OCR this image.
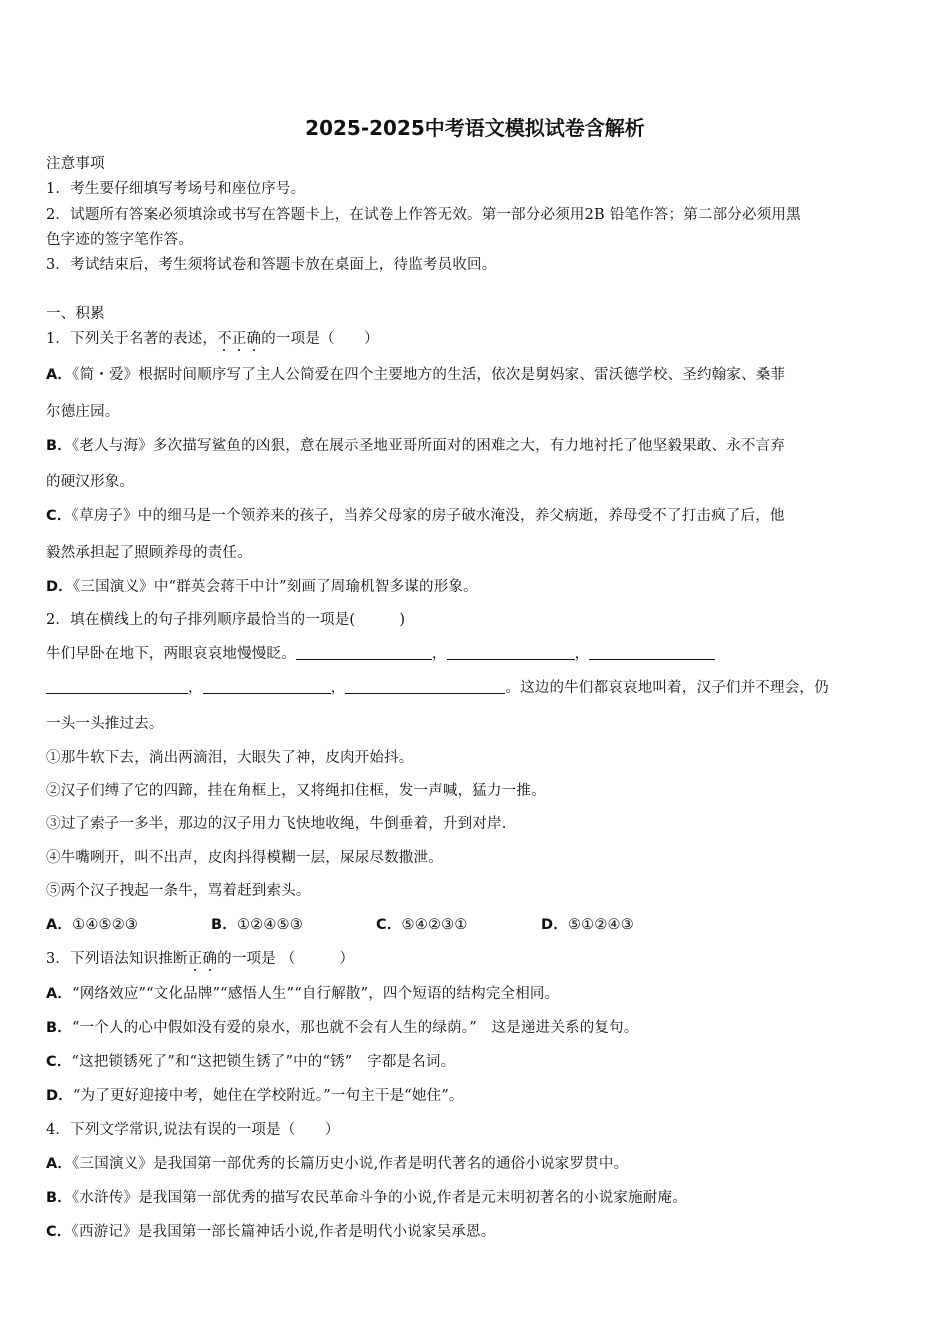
2025-2025中考语文模拟试卷含解析
注意事项
1．考生要仔细填写考场号和座位序号。
2．试题所有答案必须填涂或书写在答题卡上，在试卷上作答无效。第一部分必须用2B 铅笔作答；第二部分必须用黑
色字迹的签字笔作答。
3．考试结束后，考生须将试卷和答题卡放在桌面上，待监考员收回。
一、积累
1．下列关于名著的表述，不正确的一项是（　　）
A．《简・爱》根据时间顺序写了主人公简爱在四个主要地方的生活，依次是舅妈家、雷沃德学校、圣约翰家、桑菲
尔德庄园。
B．《老人与海》多次描写鲨鱼的凶狠，意在展示圣地亚哥所面对的困难之大，有力地衬托了他坚毅果敢、永不言弃
的硬汉形象。
C．《草房子》中的细马是一个领养来的孩子，当养父母家的房子破水淹没，养父病逝，养母受不了打击疯了后，他
毅然承担起了照顾养母的责任。
D．《三国演义》中“群英会蒋干中计”刻画了周瑜机智多谋的形象。
2．填在横线上的句子排列顺序最恰当的一项是(　　　)
牛们早卧在地下，两眼哀哀地慢慢眨。	，	，
，	，	。这边的牛们都哀哀地叫着，汉子们并不理会，仍
一头一头推过去。
①那牛软下去，淌出两滴泪，大眼失了神，皮肉开始抖。
②汉子们缚了它的四蹄，挂在角框上，又将绳扣住框，发一声喊，猛力一推。
③过了索子一多半，那边的汉子用力飞快地收绳，牛倒垂着，升到对岸.
④牛嘴咧开，叫不出声，皮肉抖得模糊一层，屎尿尽数撒泄。
⑤两个汉子拽起一条牛，骂着赶到索头。
A．①④⑤②③	B．①②④⑤③	C．⑤④②③①	D．⑤①②④③
3．下列语法知识推断正确的一项是 （　　　）
A．“网络效应”“文化品牌”“感悟人生”“自行解散”，四个短语的结构完全相同。
B．“一个人的心中假如没有爱的泉水，那也就不会有人生的绿荫。”　这是递进关系的复句。
C．“这把锁锈死了”和“这把锁生锈了”中的“锈”　字都是名词。
D．“为了更好迎接中考，她住在学校附近。”一句主干是“她住”。
4．下列文学常识,说法有误的一项是（　　）
A．《三国演义》是我国第一部优秀的长篇历史小说,作者是明代著名的通俗小说家罗贯中。
B．《水浒传》是我国第一部优秀的描写农民革命斗争的小说,作者是元末明初著名的小说家施耐庵。
C．《西游记》是我国第一部长篇神话小说,作者是明代小说家吴承恩。
